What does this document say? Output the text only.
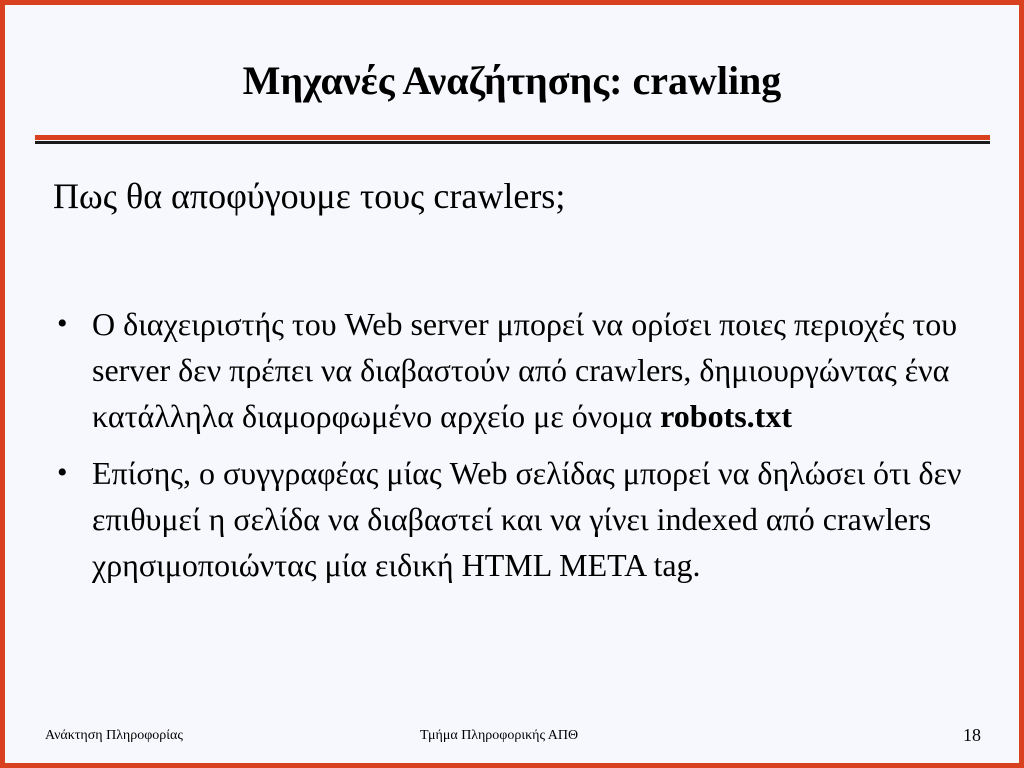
Μηχανές Αναζήτησης: crawling
Πως θα αποφύγουμε τους crawlers;
• Ο διαχειριστής του Web server μπορεί να ορίσει ποιες περιοχές του server δεν πρέπει να διαβαστούν από crawlers, δημιουργώντας ένα κατάλληλα διαμορφωμένο αρχείο με όνομα robots.txt
• Επίσης, ο συγγραφέας μίας Web σελίδας μπορεί να δηλώσει ότι δεν επιθυμεί η σελίδα να διαβαστεί και να γίνει indexed από crawlers χρησιμοποιώντας μία ειδική HTML META tag.
Ανάκτηση Πληροφορίας	Τμήμα Πληροφορικής ΑΠΘ	18
